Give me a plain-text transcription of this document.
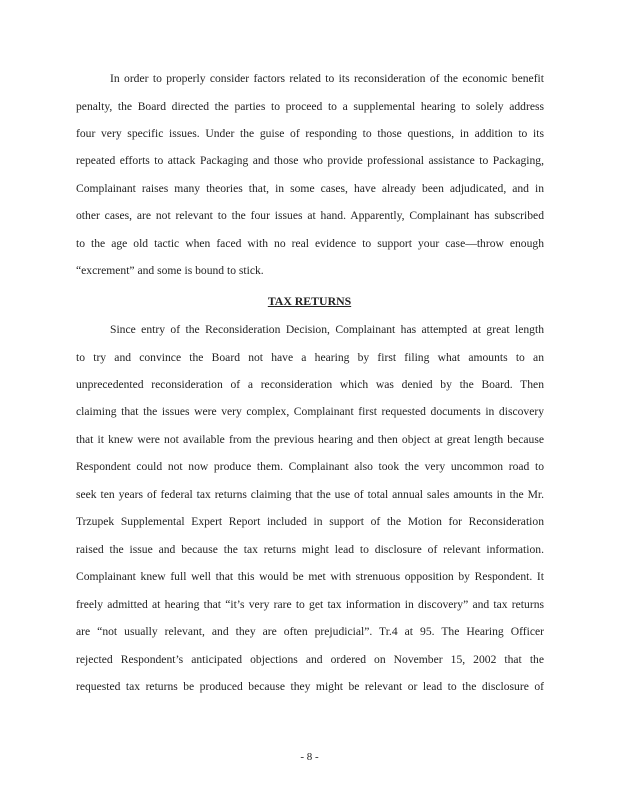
In order to properly consider factors related to its reconsideration of the economic benefit

penalty, the Board directed the parties to proceed to a supplemental hearing to solely address

four very specific issues. Under the guise of responding to those questions, in addition to its

repeated efforts to attack Packaging and those who provide professional assistance to Packaging,

Complainant raises many theories that, in some cases, have already been adjudicated, and in

other cases, are not relevant to the four issues at hand. Apparently, Complainant has subscribed

to the age old tactic when faced with no real evidence to support your case—throw enough

“excrement” and some is bound to stick.

TAX RETURNS

Since entry of the Reconsideration Decision, Complainant has attempted at great length

to try and convince the Board not have a hearing by first filing what amounts to an

unprecedented reconsideration of a reconsideration which was denied by the Board. Then

claiming that the issues were very complex, Complainant first requested documents in discovery

that it knew were not available from the previous hearing and then object at great length because

Respondent could not now produce them. Complainant also took the very uncommon road to

seek ten years of federal tax returns claiming that the use of total annual sales amounts in the Mr.

Trzupek Supplemental Expert Report included in support of the Motion for Reconsideration

raised the issue and because the tax returns might lead to disclosure of relevant information.

Complainant knew full well that this would be met with strenuous opposition by Respondent. It

freely admitted at hearing that “it’s very rare to get tax information in discovery” and tax returns

are “not usually relevant, and they are often prejudicial”. Tr.4 at 95. The Hearing Officer

rejected Respondent’s anticipated objections and ordered on November 15, 2002 that the

requested tax returns be produced because they might be relevant or lead to the disclosure of

- 8 -
